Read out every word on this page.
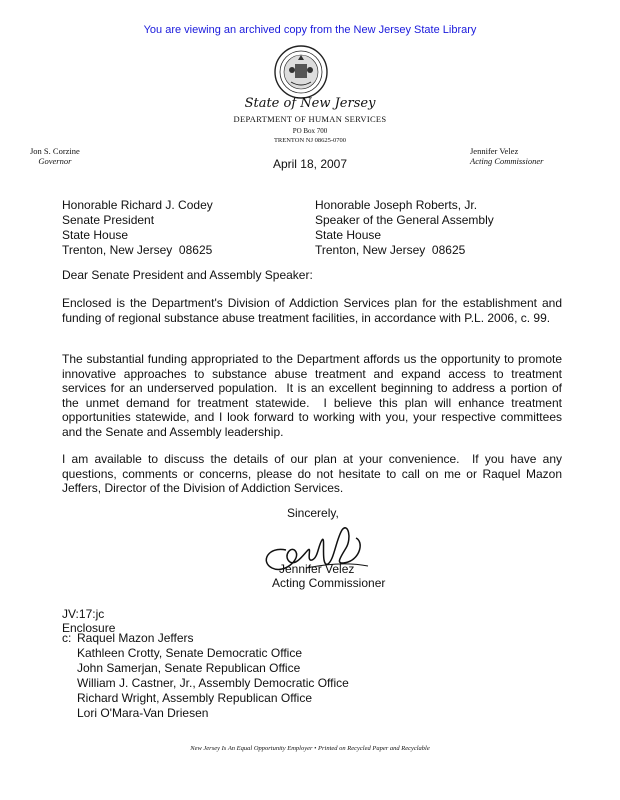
You are viewing an archived copy from the New Jersey State Library
State of New Jersey
DEPARTMENT OF HUMAN SERVICES
PO Box 700
TRENTON NJ 08625-0700
Jon S. Corzine
Governor
Jennifer Velez
Acting Commissioner
April 18, 2007
Honorable Richard J. Codey
Senate President
State House
Trenton, New Jersey  08625
Honorable Joseph Roberts, Jr.
Speaker of the General Assembly
State House
Trenton, New Jersey  08625
Dear Senate President and Assembly Speaker:
Enclosed is the Department's Division of Addiction Services plan for the establishment and funding of regional substance abuse treatment facilities, in accordance with P.L. 2006, c. 99.
The substantial funding appropriated to the Department affords us the opportunity to promote innovative approaches to substance abuse treatment and expand access to treatment services for an underserved population.  It is an excellent beginning to address a portion of the unmet demand for treatment statewide.  I believe this plan will enhance treatment opportunities statewide, and I look forward to working with you, your respective committees and the Senate and Assembly leadership.
I am available to discuss the details of our plan at your convenience.  If you have any questions, comments or concerns, please do not hesitate to call on me or Raquel Mazon Jeffers, Director of the Division of Addiction Services.
Sincerely,
Jennifer Velez
Acting Commissioner
JV:17:jc
Enclosure
c: Raquel Mazon Jeffers
Kathleen Crotty, Senate Democratic Office
John Samerjan, Senate Republican Office
William J. Castner, Jr., Assembly Democratic Office
Richard Wright, Assembly Republican Office
Lori O'Mara-Van Driesen
New Jersey Is An Equal Opportunity Employer • Printed on Recycled Paper and Recyclable
